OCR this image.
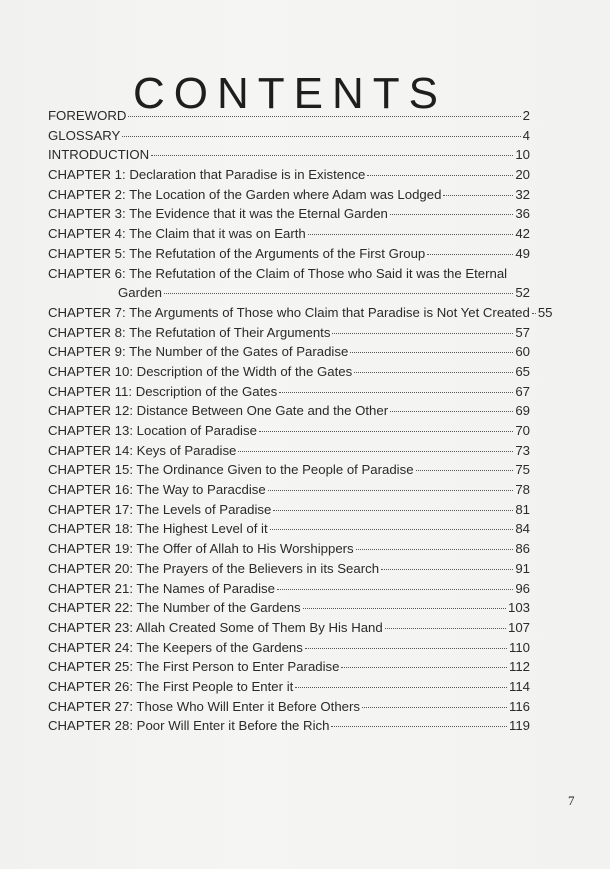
CONTENTS
FOREWORD	2
GLOSSARY	4
INTRODUCTION	10
CHAPTER 1: Declaration that Paradise is in Existence	20
CHAPTER 2: The Location of the Garden where Adam was Lodged	32
CHAPTER 3: The Evidence that it was the Eternal Garden	36
CHAPTER 4: The Claim that it was on Earth	42
CHAPTER 5: The Refutation of the Arguments of the First Group	49
CHAPTER 6: The Refutation of the Claim of Those who Said it was the Eternal
Garden	52
CHAPTER 7: The Arguments of Those who Claim that Paradise is Not Yet Created 55
CHAPTER 8: The Refutation of Their Arguments	57
CHAPTER 9: The Number of the Gates of Paradise	60
CHAPTER 10: Description of the Width of the Gates	65
CHAPTER 11: Description of the Gates	67
CHAPTER 12: Distance Between One Gate and the Other	69
CHAPTER 13: Location of Paradise	70
CHAPTER 14: Keys of Paradise	73
CHAPTER 15: The Ordinance Given to the People of Paradise	75
CHAPTER 16: The Way to Paracdise	78
CHAPTER 17: The Levels of Paradise	81
CHAPTER 18: The Highest Level of it	84
CHAPTER 19: The Offer of Allah to His Worshippers	86
CHAPTER 20: The Prayers of the Believers in its Search	91
CHAPTER 21: The Names of Paradise	96
CHAPTER 22: The Number of the Gardens	103
CHAPTER 23: Allah Created Some of Them By His Hand	107
CHAPTER 24: The Keepers of the Gardens	110
CHAPTER 25: The First Person to Enter Paradise	112
CHAPTER 26: The First People to Enter it	114
CHAPTER 27: Those Who Will Enter it Before Others	116
CHAPTER 28: Poor Will Enter it Before the Rich	119
7
